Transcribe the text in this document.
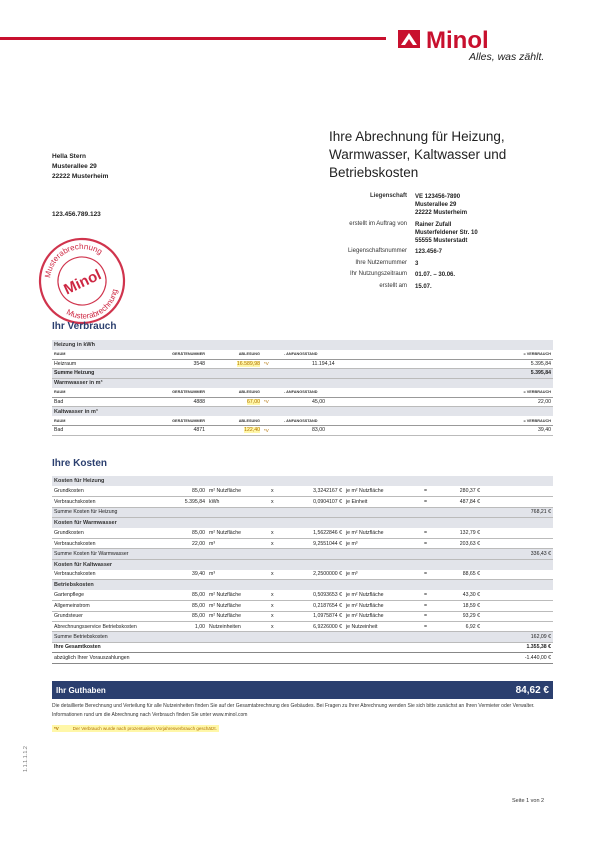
Minol
Alles, was zählt.
Ihre Abrechnung für Heizung, Warmwasser, Kaltwasser und Betriebskosten
Hella Stern
Musterallee 29
22222 Musterheim
123.456.789.123
Musterabrechnung
Musterabrechnung
Minol
Liegenschaft	VE 123456-7890
Musterallee 29
22222 Musterheim
erstellt im Auftrag von	Rainer Zufall
Musterfeldener Str. 10
55555 Musterstadt
Liegenschaftsnummer	123.456-7
Ihre Nutzernummer	3
Ihr Nutzungszeitraum	01.07. – 30.06.
erstellt am	15.07.
Ihr Verbrauch
Heizung in kWh					
RAUM	GERÄTENUMMER	ABLESUNG		- ANFANGSSTAND	= VERBRAUCH
Heizraum	3548	16.589,98	*V	11.194,14	5.395,84
Summe Heizung					5.395,84
Warmwasser in m³					
RAUM	GERÄTENUMMER	ABLESUNG		- ANFANGSSTAND	= VERBRAUCH
Bad	4888	67,00	*V	45,00	22,00
Kaltwasser in m³					
RAUM	GERÄTENUMMER	ABLESUNG		- ANFANGSSTAND	= VERBRAUCH
Bad	4871	122,40	*V	83,00	39,40
Ihre Kosten
Kosten für Heizung								
Grundkosten	85,00	m² Nutzfläche	x	3,3242167 €	je m² Nutzfläche	=	280,37 €	
Verbrauchskosten	5.395,84	kWh	x	0,0904107 €	je Einheit	=	487,84 €	
Summe Kosten für Heizung								768,21 €
Kosten für Warmwasser								
Grundkosten	85,00	m² Nutzfläche	x	1,5622846 €	je m² Nutzfläche	=	132,79 €	
Verbrauchskosten	22,00	m³	x	9,2551044 €	je m³	=	203,63 €	
Summe Kosten für Warmwasser								336,43 €
Kosten für Kaltwasser								
Verbrauchskosten	39,40	m³	x	2,2500000 €	je m³	=	88,65 €	
Betriebskosten								
Gartenpflege	85,00	m² Nutzfläche	x	0,5093653 €	je m² Nutzfläche	=	43,30 €	
Allgemeinstrom	85,00	m² Nutzfläche	x	0,2187654 €	je m² Nutzfläche	=	18,59 €	
Grundsteuer	85,00	m² Nutzfläche	x	1,0975874 €	je m² Nutzfläche	=	93,29 €	
Abrechnungsservice Betriebskosten	1,00	Nutzeinheiten	x	6,9226000 €	je Nutzeinheit	=	6,92 €	
Summe Betriebskosten								162,09 €
Ihre Gesamtkosten								1.355,38 €
abzüglich Ihrer Vorauszahlungen								-1.440,00 €
Ihr Guthaben	84,62 €
Die detaillierte Berechnung und Verteilung für alle Nutzeinheiten finden Sie auf der Gesamtabrechnung des Gebäudes. Bei Fragen zu Ihrer Abrechnung wenden Sie sich bitte zunächst an Ihren Vermieter oder Verwalter. Informationen rund um die Abrechnung nach Verbrauch finden Sie unter www.minol.com
*V	Der Verbrauch wurde nach prozentualem Vorjahresverbrauch geschätzt.
1.1.1.1.1.2
Seite 1 von 2
